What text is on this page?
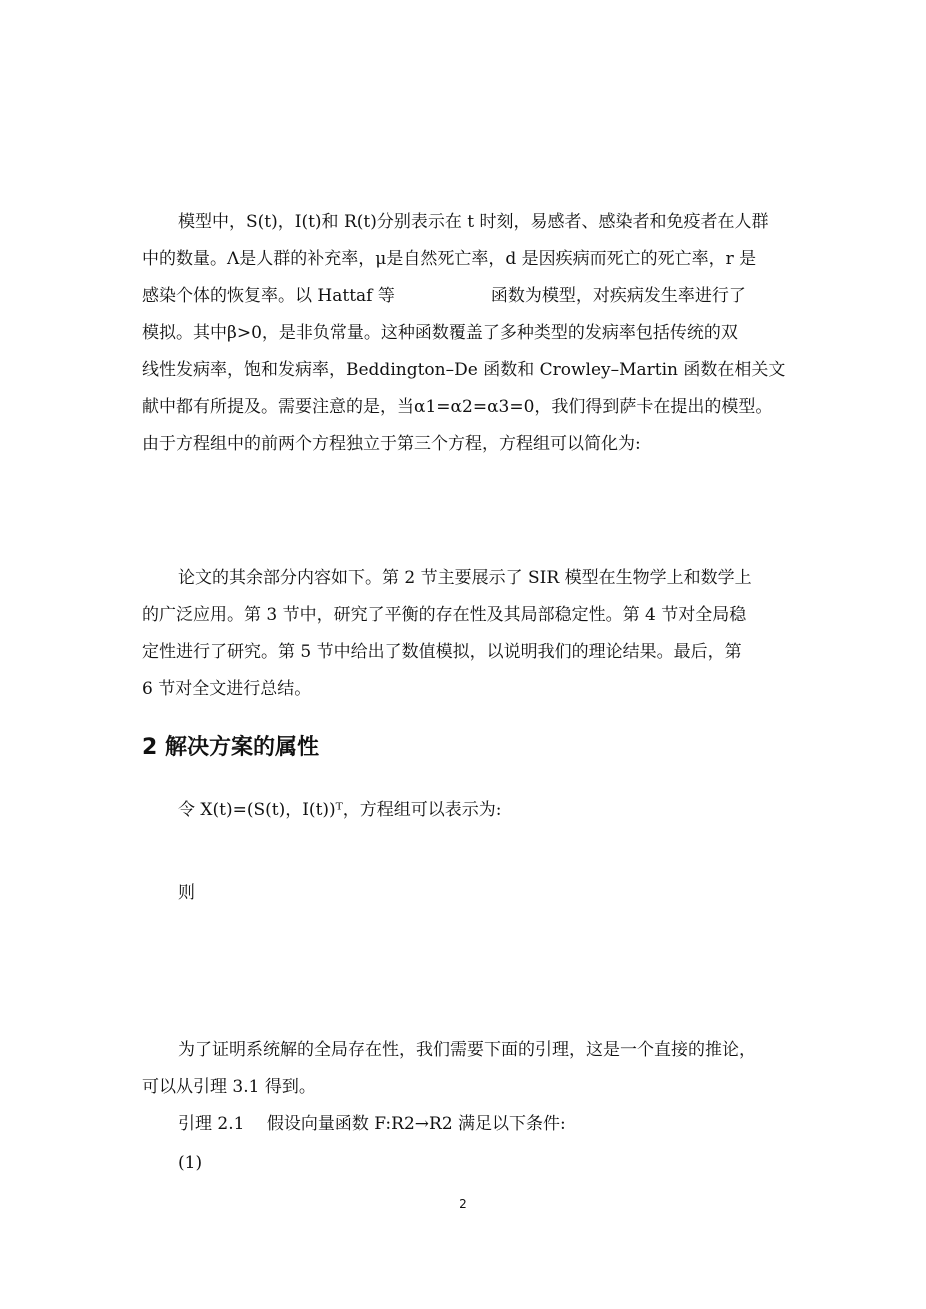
模型中，S(t)，I(t)和 R(t)分别表示在 t 时刻，易感者、感染者和免疫者在人群
中的数量。Λ是人群的补充率，μ是自然死亡率，d 是因疾病而死亡的死亡率，r 是
感染个体的恢复率。以 Hattaf 等	函数为模型，对疾病发生率进行了
模拟。其中β>0，是非负常量。这种函数覆盖了多种类型的发病率包括传统的双
线性发病率，饱和发病率，Beddington–De 函数和 Crowley–Martin 函数在相关文
献中都有所提及。需要注意的是，当α1=α2=α3=0，我们得到萨卡在提出的模型。
由于方程组中的前两个方程独立于第三个方程，方程组可以简化为:
论文的其余部分内容如下。第 2 节主要展示了 SIR 模型在生物学上和数学上
的广泛应用。第 3 节中，研究了平衡的存在性及其局部稳定性。第 4 节对全局稳
定性进行了研究。第 5 节中给出了数值模拟，以说明我们的理论结果。最后，第
6 节对全文进行总结。
2 解决方案的属性

令 X(t)=(S(t)，I(t))ᵀ，方程组可以表示为:

则

为了证明系统解的全局存在性，我们需要下面的引理，这是一个直接的推论，
可以从引理 3.1 得到。

引理 2.1　 假设向量函数 F:R2→R2 满足以下条件:

(1)

2
